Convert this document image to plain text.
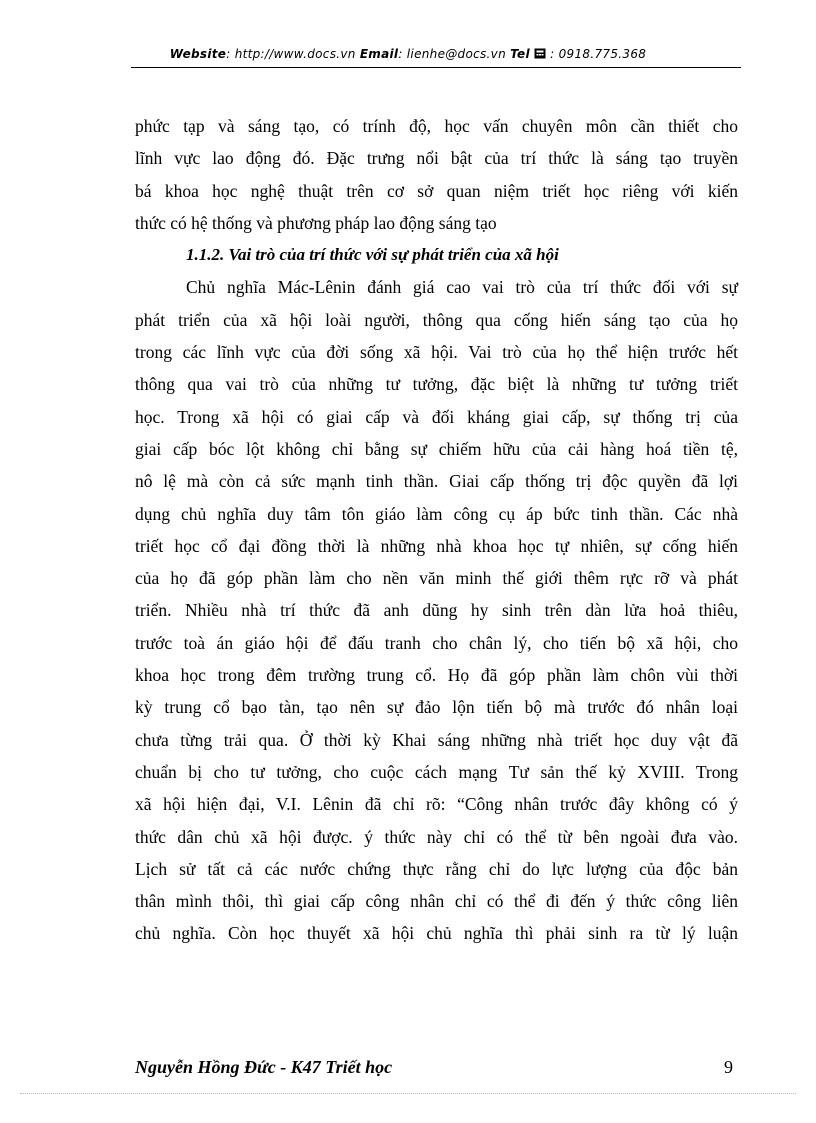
Website: http://www.docs.vn Email: lienhe@docs.vn Tel : 0918.775.368
phức tạp và sáng tạo, có trính độ, học vấn chuyên môn cần thiết cho
lĩnh vực lao động đó. Đặc trưng nổi bật của trí thức là sáng tạo truyền
bá khoa học nghệ thuật trên cơ sở quan niệm triết học riêng với kiến
thức có hệ thống và phương pháp lao động sáng tạo
1.1.2. Vai trò của trí thức với sự phát triển của xã hội
Chủ nghĩa Mác-Lênin đánh giá cao vai trò của trí thức đối với sự
phát triển của xã hội loài người, thông qua cống hiến sáng tạo của họ
trong các lĩnh vực của đời sống xã hội. Vai trò của họ thể hiện trước hết
thông qua vai trò của những tư tưởng, đặc biệt là những tư tưởng triết
học. Trong xã hội có giai cấp và đối kháng giai cấp, sự thống trị của
giai cấp bóc lột không chỉ bằng sự chiếm hữu của cải hàng hoá tiền tệ,
nô lệ mà còn cả sức mạnh tinh thần. Giai cấp thống trị độc quyền đã lợi
dụng chủ nghĩa duy tâm tôn giáo làm công cụ áp bức tinh thần. Các nhà
triết học cổ đại đồng thời là những nhà khoa học tự nhiên, sự cống hiến
của họ đã góp phần làm cho nền văn minh thế giới thêm rực rỡ và phát
triển. Nhiều nhà trí thức đã anh dũng hy sinh trên dàn lửa hoả thiêu,
trước toà án giáo hội để đấu tranh cho chân lý, cho tiến bộ xã hội, cho
khoa học trong đêm trường trung cổ. Họ đã góp phần làm chôn vùi thời
kỳ trung cổ bạo tàn, tạo nên sự đảo lộn tiến bộ mà trước đó nhân loại
chưa từng trải qua. Ở thời kỳ Khai sáng những nhà triết học duy vật đã
chuẩn bị cho tư tưởng, cho cuộc cách mạng Tư sản thế kỷ XVIII. Trong
xã hội hiện đại, V.I. Lênin đã chỉ rõ: “Công nhân trước đây không có ý
thức dân chủ xã hội được. ý thức này chỉ có thể từ bên ngoài đưa vào.
Lịch sử tất cả các nước chứng thực rằng chỉ do lực lượng của độc bản
thân mình thôi, thì giai cấp công nhân chỉ có thể đi đến ý thức công liên
chủ nghĩa. Còn học thuyết xã hội chủ nghĩa thì phải sinh ra từ lý luận
Nguyễn Hồng Đức - K47 Triết học	9
